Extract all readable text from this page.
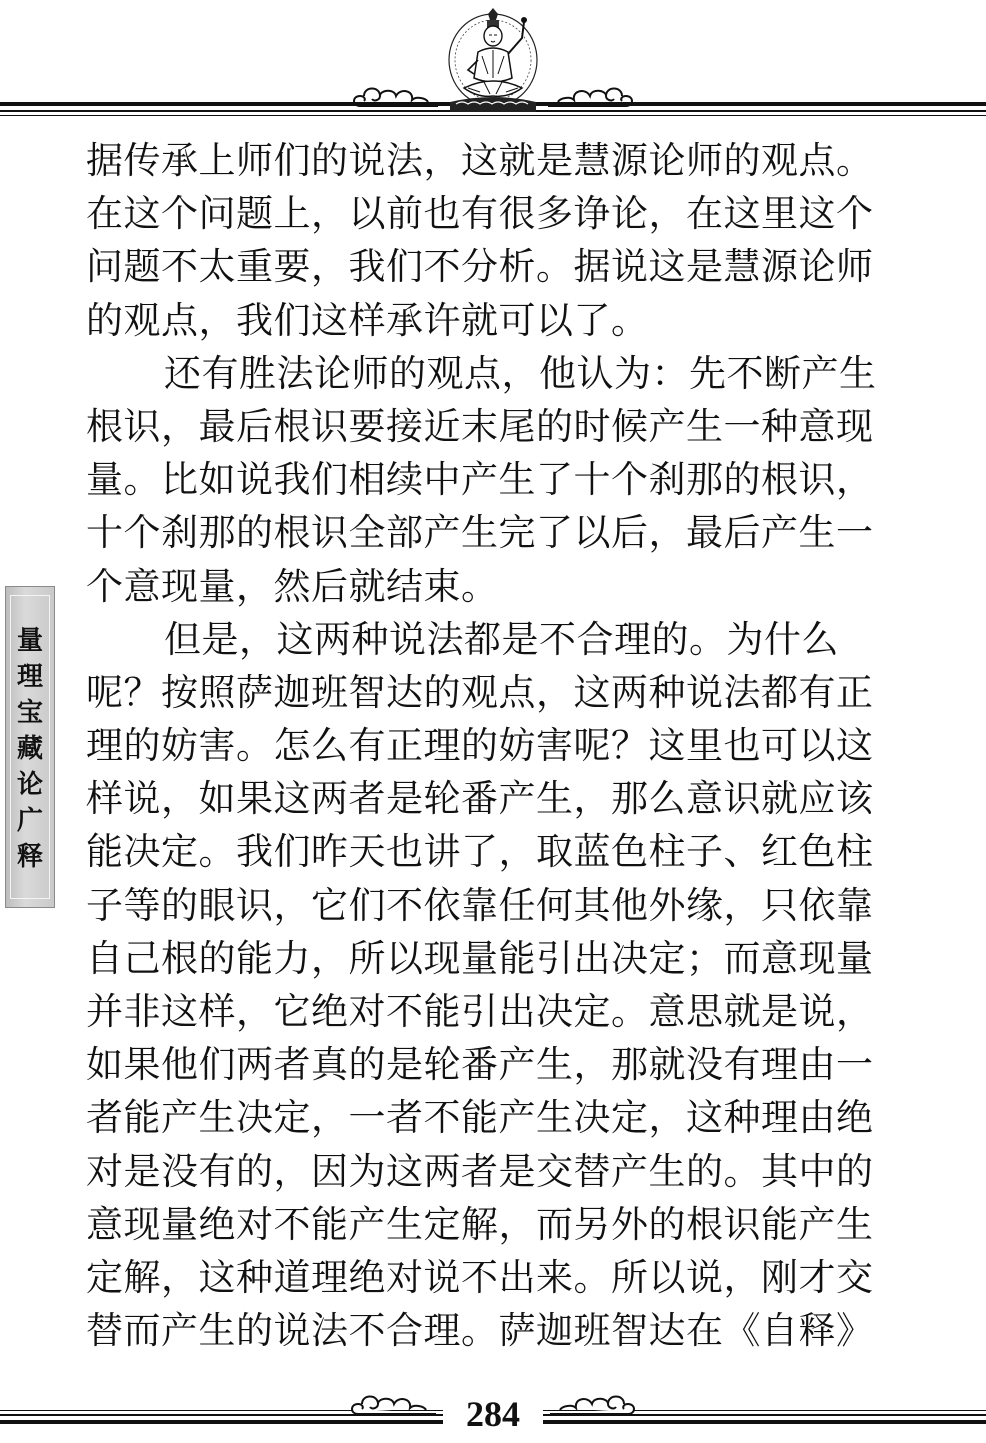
量理宝藏论广释
据传承上师们的说法，这就是慧源论师的观点。
在这个问题上，以前也有很多诤论，在这里这个
问题不太重要，我们不分析。据说这是慧源论师
的观点，我们这样承许就可以了。
还有胜法论师的观点，他认为：先不断产生
根识，最后根识要接近末尾的时候产生一种意现
量。比如说我们相续中产生了十个刹那的根识，
十个刹那的根识全部产生完了以后，最后产生一
个意现量，然后就结束。
但是，这两种说法都是不合理的。为什么
呢？按照萨迦班智达的观点，这两种说法都有正
理的妨害。怎么有正理的妨害呢？这里也可以这
样说，如果这两者是轮番产生，那么意识就应该
能决定。我们昨天也讲了，取蓝色柱子、红色柱
子等的眼识，它们不依靠任何其他外缘，只依靠
自己根的能力，所以现量能引出决定；而意现量
并非这样，它绝对不能引出决定。意思就是说，
如果他们两者真的是轮番产生，那就没有理由一
者能产生决定，一者不能产生决定，这种理由绝
对是没有的，因为这两者是交替产生的。其中的
意现量绝对不能产生定解，而另外的根识能产生
定解，这种道理绝对说不出来。所以说，刚才交
替而产生的说法不合理。萨迦班智达在《自释》
284
